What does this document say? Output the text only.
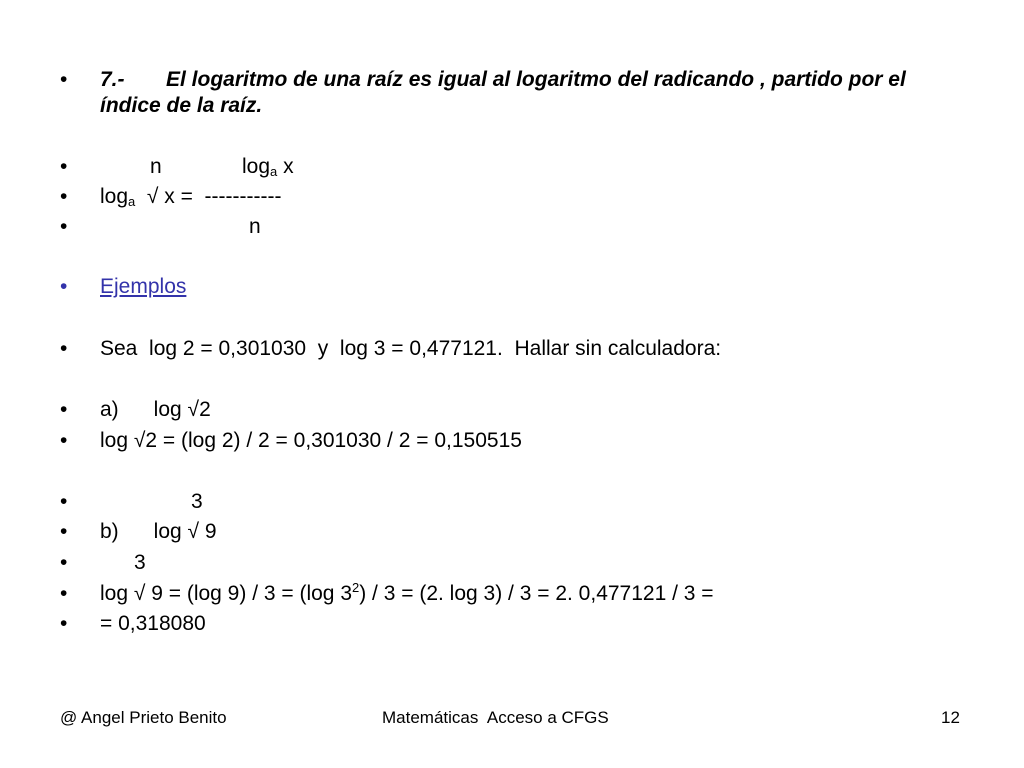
•	7.- El logaritmo de una raíz es igual al logaritmo del radicando , partido por el índice de la raíz.
•	n	$\log_a x$
•	$\log_a$  √ x =  -----------
•	n
•	Ejemplos
•	Sea  log 2 = 0,301030  y  log 3 = 0,477121.  Hallar sin calculadora:
•	a)      log √2
•	log √2 = (log 2) / 2 = 0,301030 / 2 = 0,150515
•	3
•	b)      log √ 9
•	3
•	log √ 9 = (log 9) / 3 = (log $3^2) / 3 = (2$. log 3) / 3 = 2. 0,477121 / 3 =
•	= 0,318080
@ Angel Prieto Benito	Matemáticas  Acceso a CFGS	12
